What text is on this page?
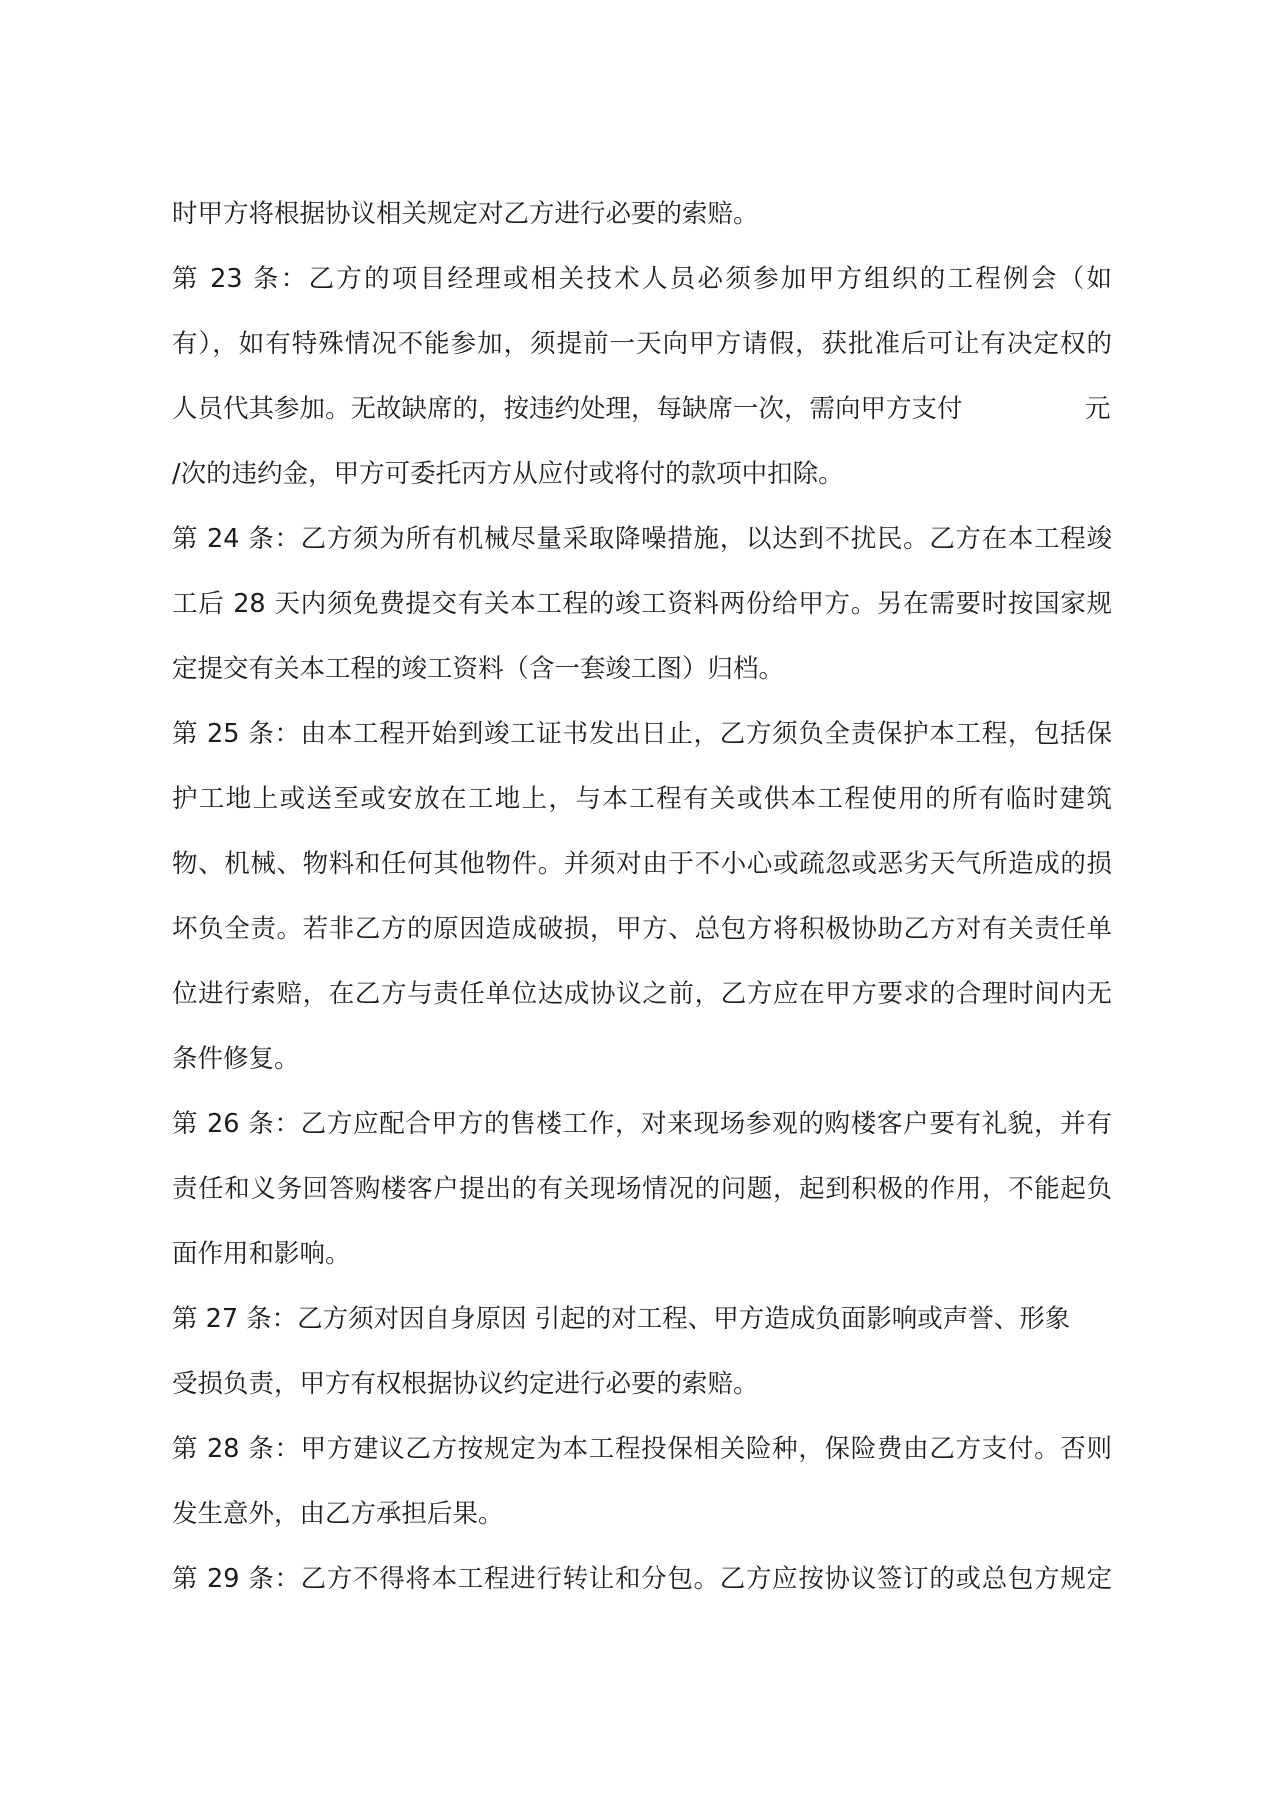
时甲方将根据协议相关规定对乙方进行必要的索赔。

第 23 条：乙方的项目经理或相关技术人员必须参加甲方组织的工程例会（如

有），如有特殊情况不能参加，须提前一天向甲方请假，获批准后可让有决定权的

人员代其参加。无故缺席的，按违约处理，每缺席一次，需向甲方支付	元

/次的违约金，甲方可委托丙方从应付或将付的款项中扣除。

第 24 条：乙方须为所有机械尽量采取降噪措施，以达到不扰民。乙方在本工程竣

工后 28 天内须免费提交有关本工程的竣工资料两份给甲方。另在需要时按国家规

定提交有关本工程的竣工资料（含一套竣工图）归档。

第 25 条：由本工程开始到竣工证书发出日止，乙方须负全责保护本工程，包括保

护工地上或送至或安放在工地上，与本工程有关或供本工程使用的所有临时建筑

物、机械、物料和任何其他物件。并须对由于不小心或疏忽或恶劣天气所造成的损

坏负全责。若非乙方的原因造成破损，甲方、总包方将积极协助乙方对有关责任单

位进行索赔，在乙方与责任单位达成协议之前，乙方应在甲方要求的合理时间内无

条件修复。

第 26 条：乙方应配合甲方的售楼工作，对来现场参观的购楼客户要有礼貌，并有

责任和义务回答购楼客户提出的有关现场情况的问题，起到积极的作用，不能起负

面作用和影响。

第 27 条：乙方须对因自身原因 引起的对工程、甲方造成负面影响或声誉、形象

受损负责，甲方有权根据协议约定进行必要的索赔。

第 28 条：甲方建议乙方按规定为本工程投保相关险种，保险费由乙方支付。否则

发生意外，由乙方承担后果。

第 29 条：乙方不得将本工程进行转让和分包。乙方应按协议签订的或总包方规定
